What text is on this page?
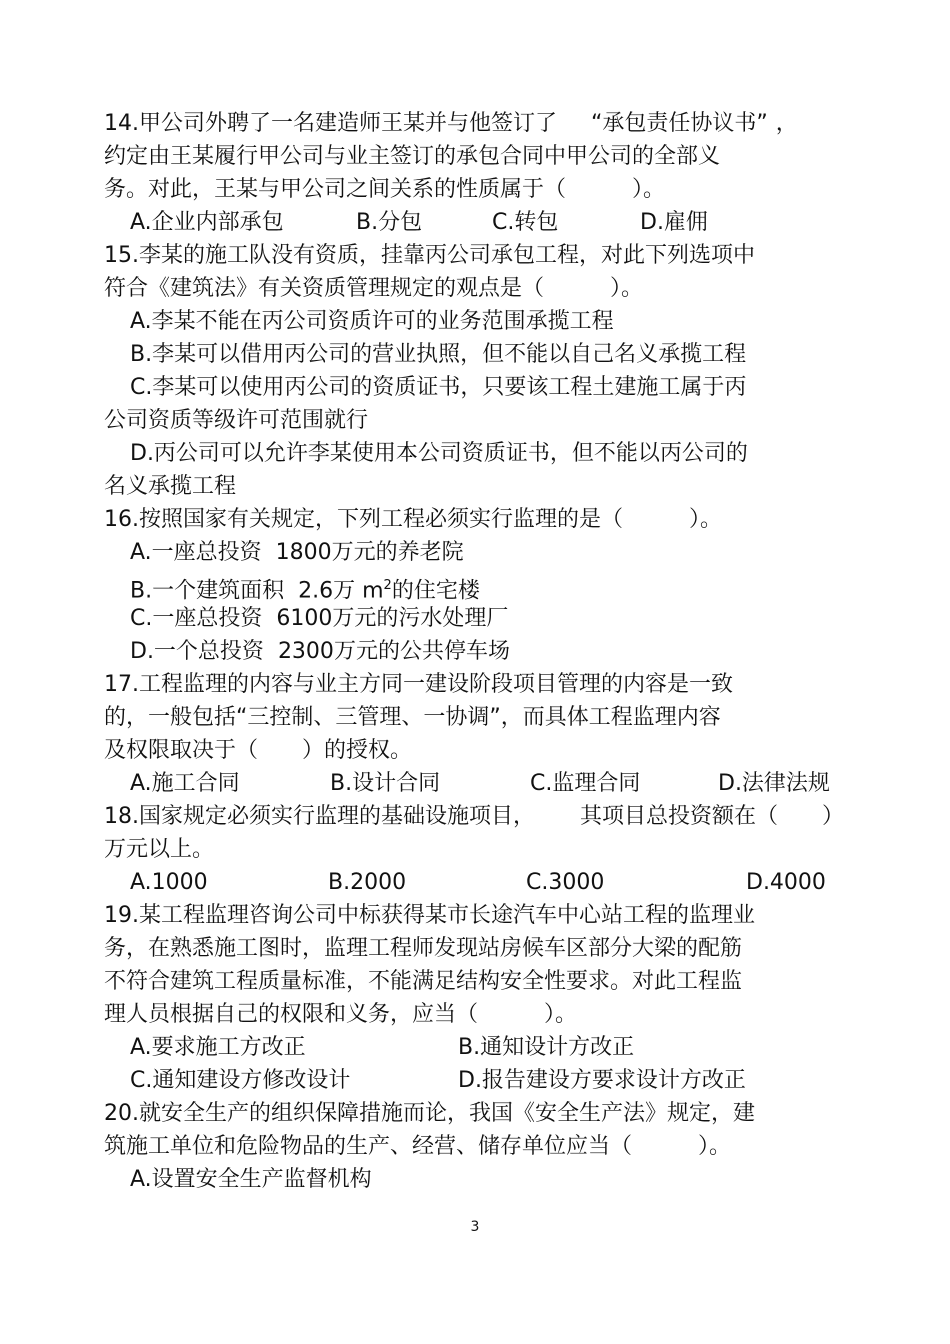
14.甲公司外聘了一名建造师王某并与他签订了 “承包责任协议书” ，
约定由王某履行甲公司与业主签订的承包合同中甲公司的全部义
务。对此，王某与甲公司之间关系的性质属于（　　　）。
A.企业内部承包	B.分包	C.转包	D.雇佣
15.李某的施工队没有资质，挂靠丙公司承包工程，对此下列选项中
符合《建筑法》有关资质管理规定的观点是（　　　）。
A.李某不能在丙公司资质许可的业务范围承揽工程
B.李某可以借用丙公司的营业执照，但不能以自己名义承揽工程
C.李某可以使用丙公司的资质证书，只要该工程土建施工属于丙
公司资质等级许可范围就行
D.丙公司可以允许李某使用本公司资质证书，但不能以丙公司的
名义承揽工程
16.按照国家有关规定，下列工程必须实行监理的是（　　　）。
A.一座总投资 1800万元的养老院
B.一个建筑面积 2.6万 $m^2$的住宅楼
C.一座总投资 6100万元的污水处理厂
D.一个总投资 2300万元的公共停车场
17.工程监理的内容与业主方同一建设阶段项目管理的内容是一致
的，一般包括“三控制、三管理、一协调”，而具体工程监理内容
及权限取决于（　　）的授权。
A.施工合同	B.设计合同	C.监理合同	D.法律法规
18.国家规定必须实行监理的基础设施项目， 其项目总投资额在（ ）
万元以上。
A.1000	B.2000	C.3000	D.4000
19.某工程监理咨询公司中标获得某市长途汽车中心站工程的监理业
务，在熟悉施工图时，监理工程师发现站房候车区部分大梁的配筋
不符合建筑工程质量标准，不能满足结构安全性要求。对此工程监
理人员根据自己的权限和义务，应当（　　　）。
A.要求施工方改正	B.通知设计方改正
C.通知建设方修改设计	D.报告建设方要求设计方改正
20.就安全生产的组织保障措施而论，我国《安全生产法》规定，建
筑施工单位和危险物品的生产、经营、储存单位应当（　　　）。
A.设置安全生产监督机构
3
